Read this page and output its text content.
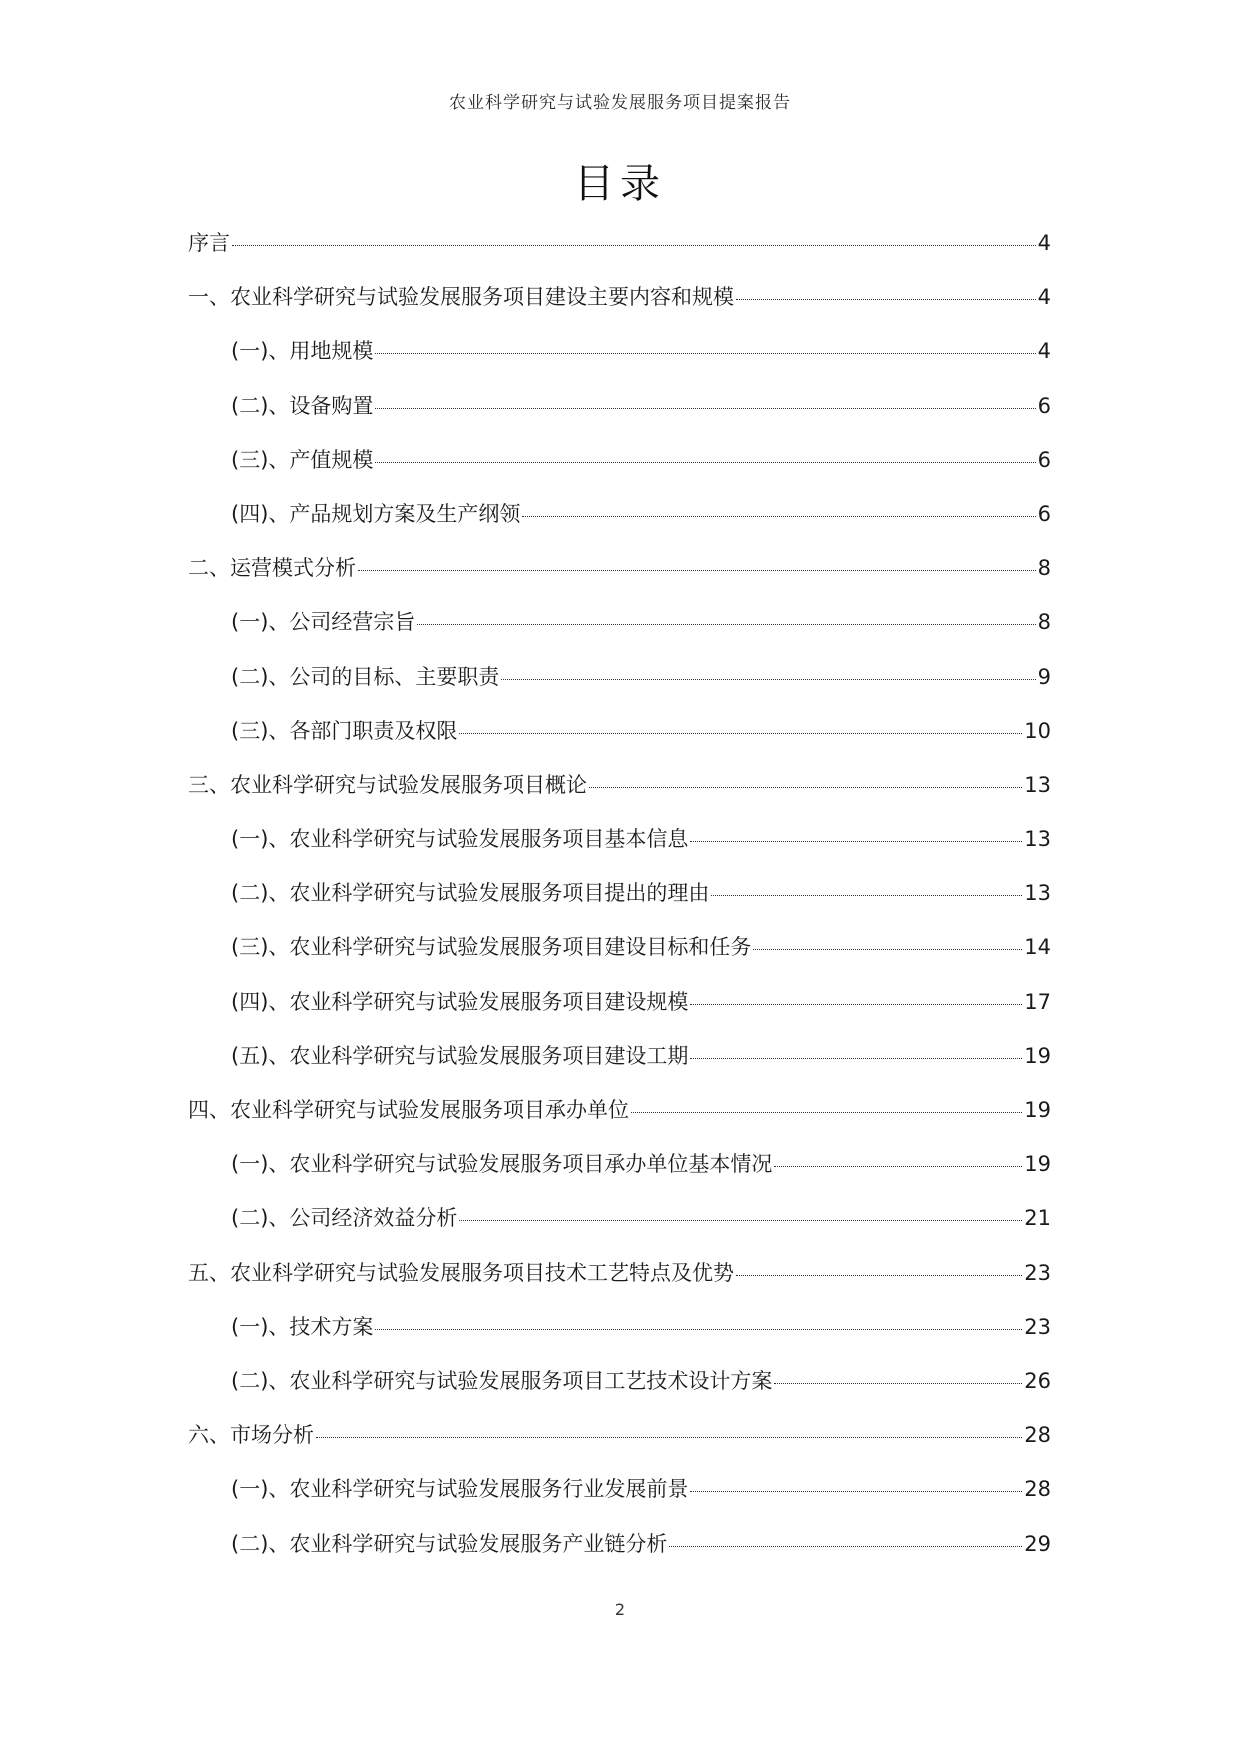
农业科学研究与试验发展服务项目提案报告
目录
序言	4
一、农业科学研究与试验发展服务项目建设主要内容和规模	4
(一)、用地规模	4
(二)、设备购置	6
(三)、产值规模	6
(四)、产品规划方案及生产纲领	6
二、运营模式分析	8
(一)、公司经营宗旨	8
(二)、公司的目标、主要职责	9
(三)、各部门职责及权限	10
三、农业科学研究与试验发展服务项目概论	13
(一)、农业科学研究与试验发展服务项目基本信息	13
(二)、农业科学研究与试验发展服务项目提出的理由	13
(三)、农业科学研究与试验发展服务项目建设目标和任务	14
(四)、农业科学研究与试验发展服务项目建设规模	17
(五)、农业科学研究与试验发展服务项目建设工期	19
四、农业科学研究与试验发展服务项目承办单位	19
(一)、农业科学研究与试验发展服务项目承办单位基本情况	19
(二)、公司经济效益分析	21
五、农业科学研究与试验发展服务项目技术工艺特点及优势	23
(一)、技术方案	23
(二)、农业科学研究与试验发展服务项目工艺技术设计方案	26
六、市场分析	28
(一)、农业科学研究与试验发展服务行业发展前景	28
(二)、农业科学研究与试验发展服务产业链分析	29
2
